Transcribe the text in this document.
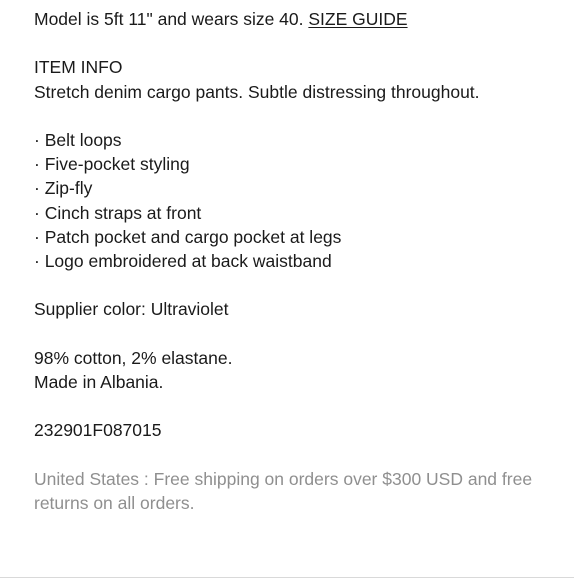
Model is 5ft 11" and wears size 40. SIZE GUIDE

ITEM INFO

Stretch denim cargo pants. Subtle distressing throughout.

· Belt loops

· Five-pocket styling

· Zip-fly

· Cinch straps at front

· Patch pocket and cargo pocket at legs

· Logo embroidered at back waistband

Supplier color: Ultraviolet

98% cotton, 2% elastane.

Made in Albania.

232901F087015

United States : Free shipping on orders over $300 USD and free returns on all orders.
